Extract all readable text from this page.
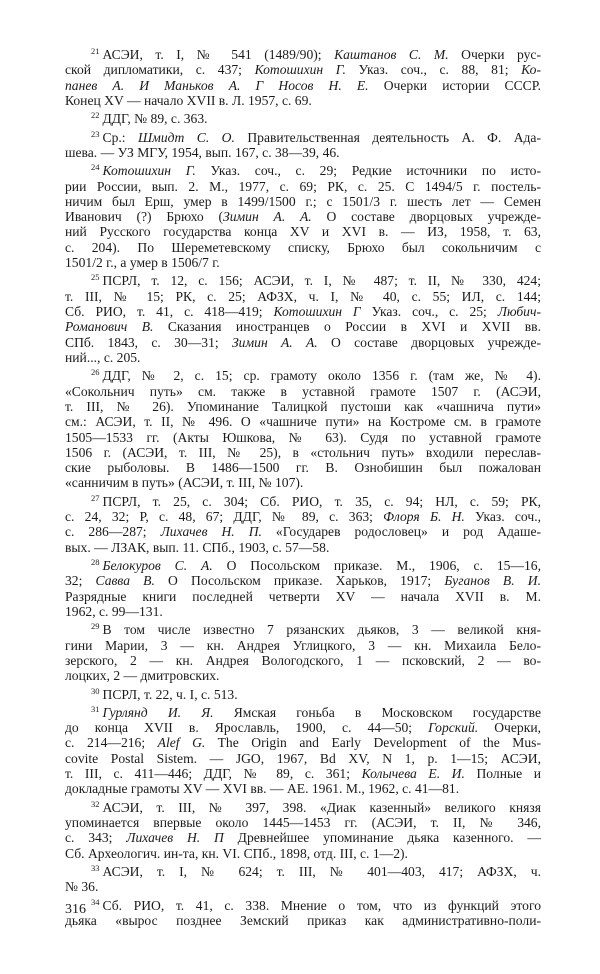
$^{21}$ АСЭИ, т. I, № 541 (1489/90); Каштанов С. М. Очерки рус-
ской дипломатики, с. 437; Котошихин Г. Указ. соч., с. 88, 81; Ко-
панев А. И Маньков А. Г Носов Н. Е. Очерки истории СССР.
Конец XV — начало XVII в. Л. 1957, с. 69.
$^{22}$ ДДГ, № 89, с. 363.
$^{23}$ Ср.: Шмидт С. О. Правительственная деятельность А. Ф. Ада-
шева. — УЗ МГУ, 1954, вып. 167, с. 38—39, 46.
$^{24}$ Котошихин Г. Указ. соч., с. 29; Редкие источники по исто-
рии России, вып. 2. М., 1977, с. 69; РК, с. 25. С 1494/5 г. постель-
ничим был Ерш, умер в 1499/1500 г.; с 1501/3 г. шесть лет — Семен
Иванович (?) Брюхо (Зимин А. А. О составе дворцовых учрежде-
ний Русского государства конца XV и XVI в. — ИЗ, 1958, т. 63,
с. 204). По Шереметевскому списку, Брюхо был сокольничим с
1501/2 г., а умер в 1506/7 г.
$^{25}$ ПСРЛ, т. 12, с. 156; АСЭИ, т. I, № 487; т. II, № 330, 424;
т. III, № 15; РК, с. 25; АФЗХ, ч. I, № 40, с. 55; ИЛ, с. 144;
Сб. РИО, т. 41, с. 418—419; Котошихин Г Указ. соч., с. 25; Любич-
Романович В. Сказания иностранцев о России в XVI и XVII вв.
СПб. 1843, с. 30—31; Зимин А. А. О составе дворцовых учрежде-
ний..., с. 205.
$^{26}$ ДДГ, № 2, с. 15; ср. грамоту около 1356 г. (там же, № 4).
«Сокольнич путь» см. также в уставной грамоте 1507 г. (АСЭИ,
т. III, № 26). Упоминание Талицкой пустоши как «чашнича пути»
см.: АСЭИ, т. II, № 496. О «чашниче пути» на Костроме см. в грамоте
1505—1533 гг. (Акты Юшкова, № 63). Судя по уставной грамоте
1506 г. (АСЭИ, т. III, № 25), в «стольнич путь» входили переслав-
ские рыболовы. В 1486—1500 гг. В. Ознобишин был пожалован
«санничим в путь» (АСЭИ, т. III, № 107).
$^{27}$ ПСРЛ, т. 25, с. 304; Сб. РИО, т. 35, с. 94; НЛ, с. 59; РК,
с. 24, 32; Р, с. 48, 67; ДДГ, № 89, с. 363; Флоря Б. Н. Указ. соч.,
с. 286—287; Лихачев Н. П. «Государев родословец» и род Адаше-
вых. — ЛЗАК, вып. 11. СПб., 1903, с. 57—58.
$^{28}$ Белокуров С. А. О Посольском приказе. М., 1906, с. 15—16,
32; Савва В. О Посольском приказе. Харьков, 1917; Буганов В. И.
Разрядные книги последней четверти XV — начала XVII в. М.
1962, с. 99—131.
$^{29}$ В том числе известно 7 рязанских дьяков, 3 — великой кня-
гини Марии, 3 — кн. Андрея Углицкого, 3 — кн. Михаила Бело-
зерского, 2 — кн. Андрея Вологодского, 1 — псковский, 2 — во-
лоцких, 2 — дмитровских.
$^{30}$ ПСРЛ, т. 22, ч. I, с. 513.
$^{31}$ Гурлянд И. Я. Ямская гоньба в Московском государстве
до конца XVII в. Ярославль, 1900, с. 44—50; Горский. Очерки,
с. 214—216; Alef G. The Origin and Early Development of the Mus-
covite Postal Sistem. — JGO, 1967, Bd XV, N 1, p. 1—15; АСЭИ,
т. III, с. 411—446; ДДГ, № 89, с. 361; Колычева Е. И. Полные и
докладные грамоты XV — XVI вв. — АЕ. 1961. М., 1962, с. 41—81.
$^{32}$ АСЭИ, т. III, № 397, 398. «Диак казенный» великого князя
упоминается впервые около 1445—1453 гг. (АСЭИ, т. II, № 346,
с. 343; Лихачев Н. П Древнейшее упоминание дьяка казенного. —
Сб. Археологич. ин-та, кн. VI. СПб., 1898, отд. III, с. 1—2).
$^{33}$ АСЭИ, т. I, № 624; т. III, № 401—403, 417; АФЗХ, ч.
№ 36.
$^{34}$ Сб. РИО, т. 41, с. 338. Мнение о том, что из функций этого
дьяка «вырос позднее Земский приказ как административно-поли-
316
